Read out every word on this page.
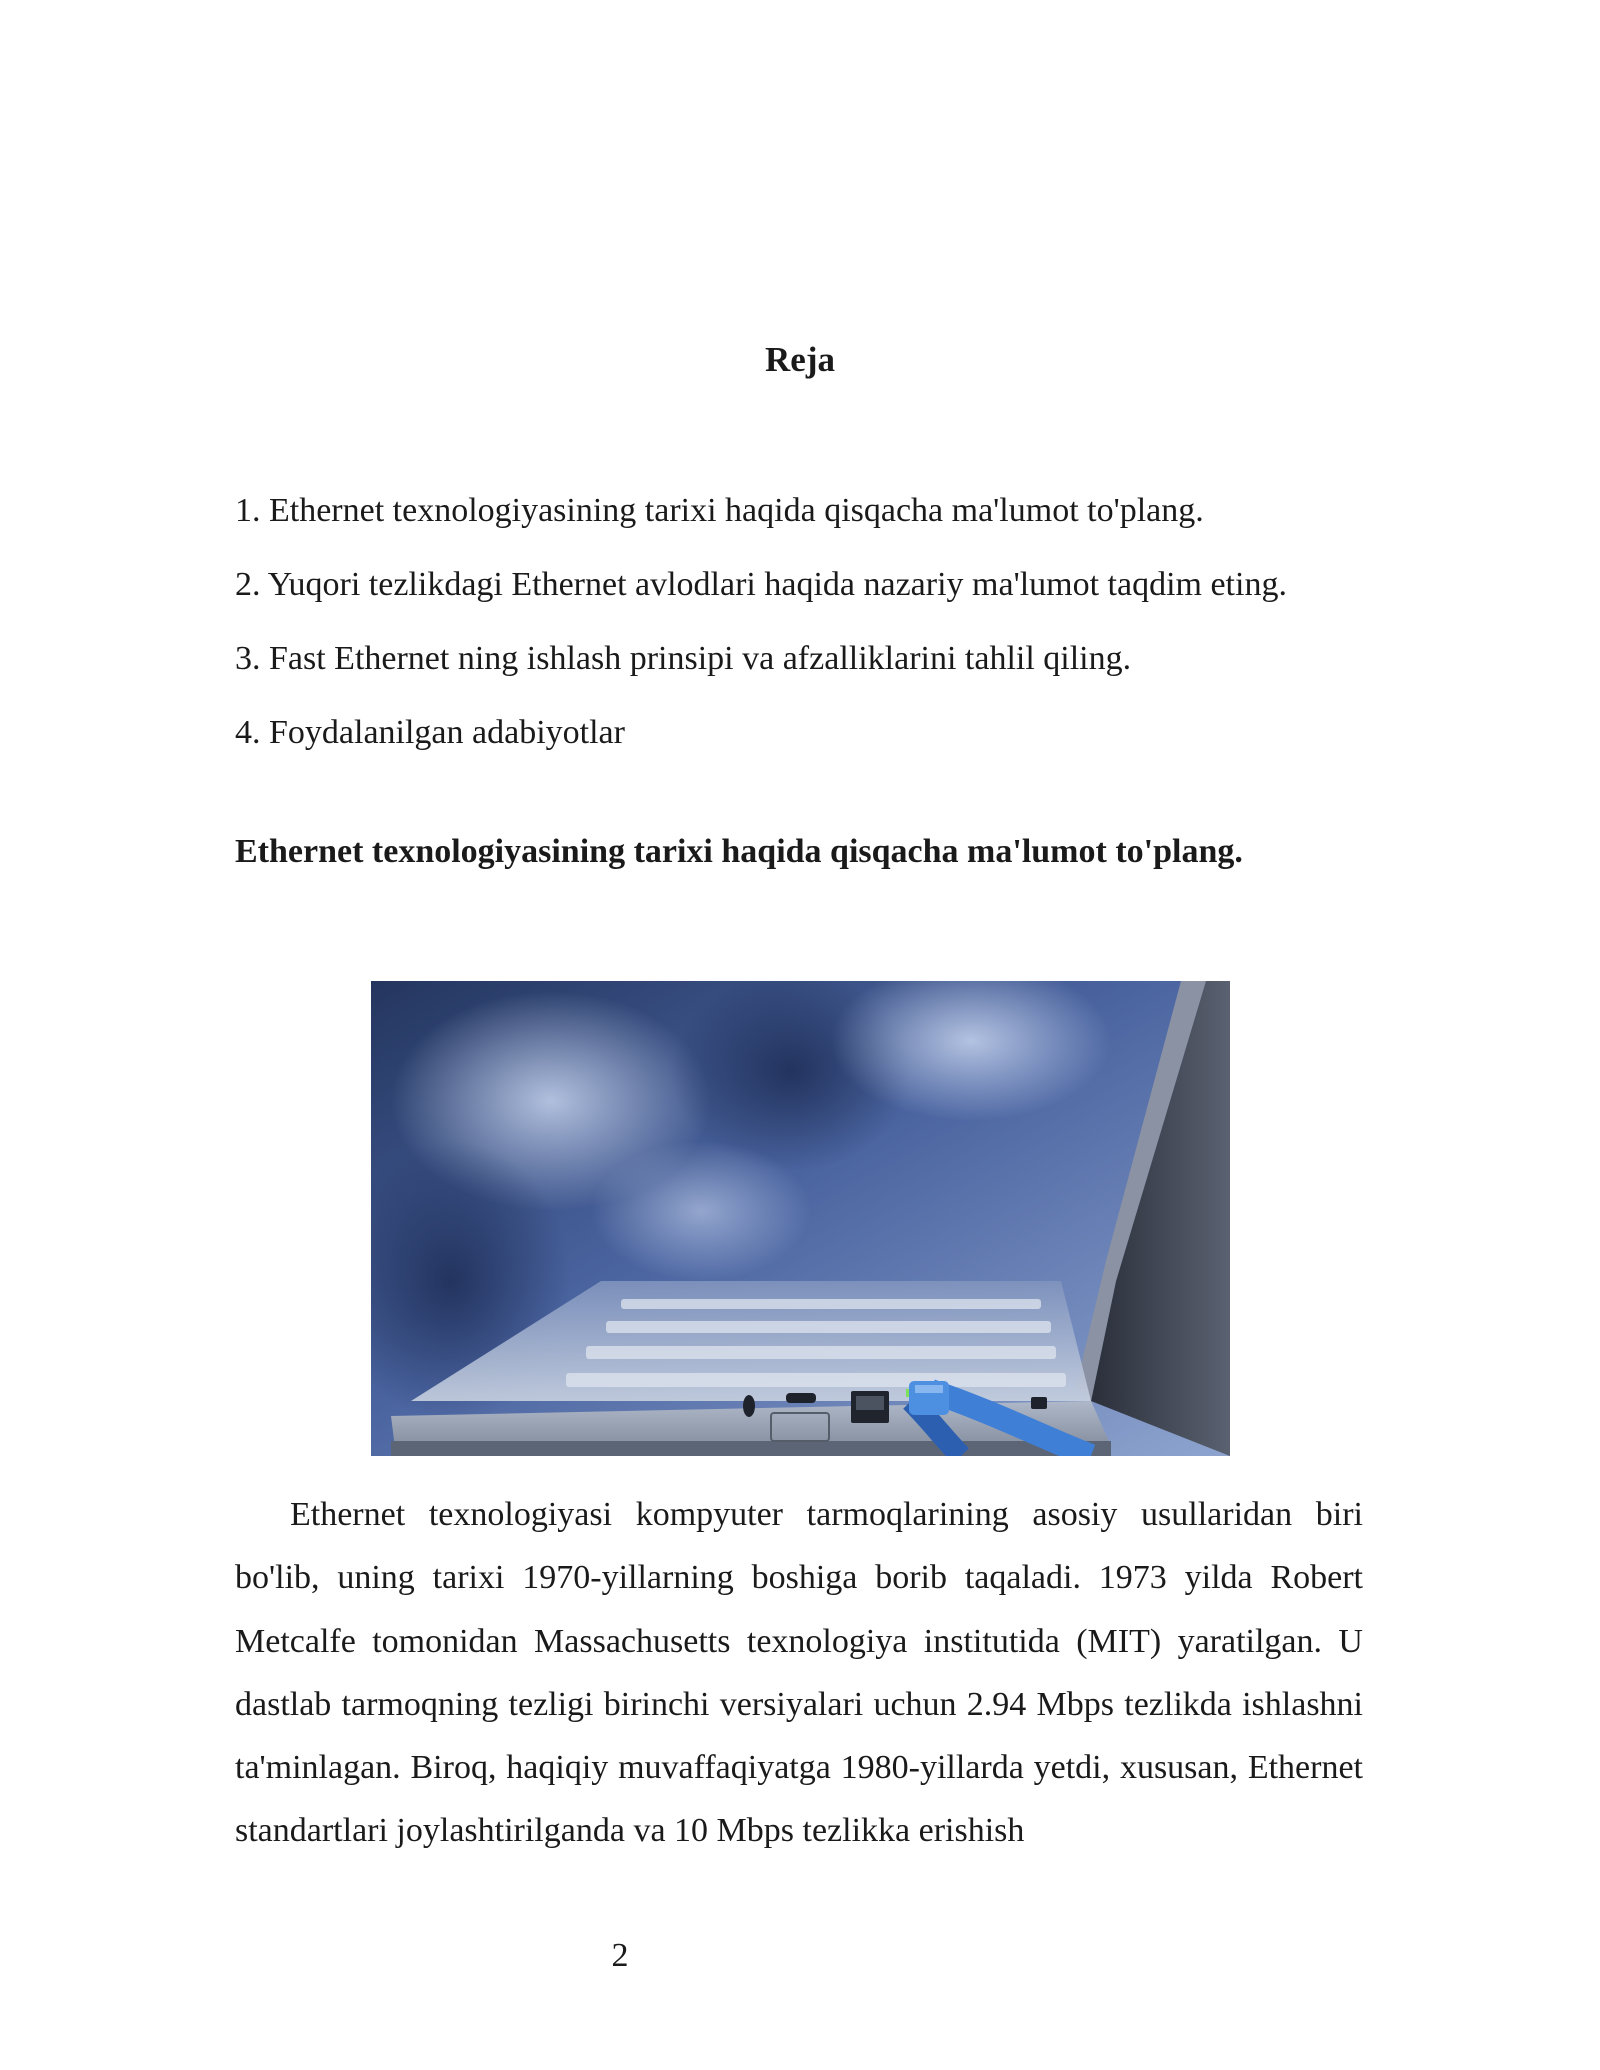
Reja
1. Ethernet texnologiyasining tarixi haqida qisqacha ma'lumot to'plang.
2. Yuqori tezlikdagi Ethernet avlodlari haqida nazariy ma'lumot taqdim eting.
3. Fast Ethernet ning ishlash prinsipi va afzalliklarini tahlil qiling.
4. Foydalanilgan adabiyotlar
Ethernet texnologiyasining tarixi haqida qisqacha ma'lumot to'plang.

Ethernet texnologiyasi kompyuter tarmoqlarining asosiy usullaridan biri bo'lib, uning tarixi 1970-yillarning boshiga borib taqaladi. 1973 yilda Robert Metcalfe tomonidan Massachusetts texnologiya institutida (MIT) yaratilgan. U dastlab tarmoqning tezligi birinchi versiyalari uchun 2.94 Mbps tezlikda ishlashni ta'minlagan. Biroq, haqiqiy muvaffaqiyatga 1980-yillarda yetdi, xususan, Ethernet standartlari joylashtirilganda va 10 Mbps tezlikka erishish

2
